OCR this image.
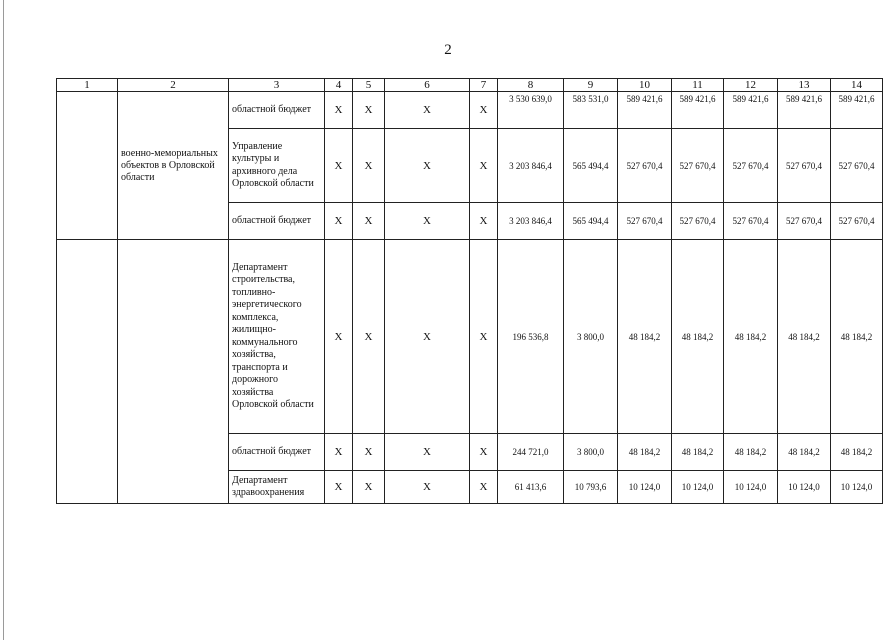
2
1	2	3	4	5	6	7	8	9	10	11	12	13	14
	военно-мемориальных объектов в Орловской области	областной бюджет	X	X	X	X	3 530 639,0	583 531,0	589 421,6	589 421,6	589 421,6	589 421,6	589 421,6
		Управление культуры и архивного дела Орловской области	X	X	X	X	3 203 846,4	565 494,4	527 670,4	527 670,4	527 670,4	527 670,4	527 670,4
		областной бюджет	X	X	X	X	3 203 846,4	565 494,4	527 670,4	527 670,4	527 670,4	527 670,4	527 670,4
		Департамент строительства, топливно-энергетического комплекса, жилищно-коммунального хозяйства, транспорта и дорожного хозяйства Орловской области	X	X	X	X	196 536,8	3 800,0	48 184,2	48 184,2	48 184,2	48 184,2	48 184,2
		областной бюджет	X	X	X	X	244 721,0	3 800,0	48 184,2	48 184,2	48 184,2	48 184,2	48 184,2
		Департамент здравоохранения	X	X	X	X	61 413,6	10 793,6	10 124,0	10 124,0	10 124,0	10 124,0	10 124,0
